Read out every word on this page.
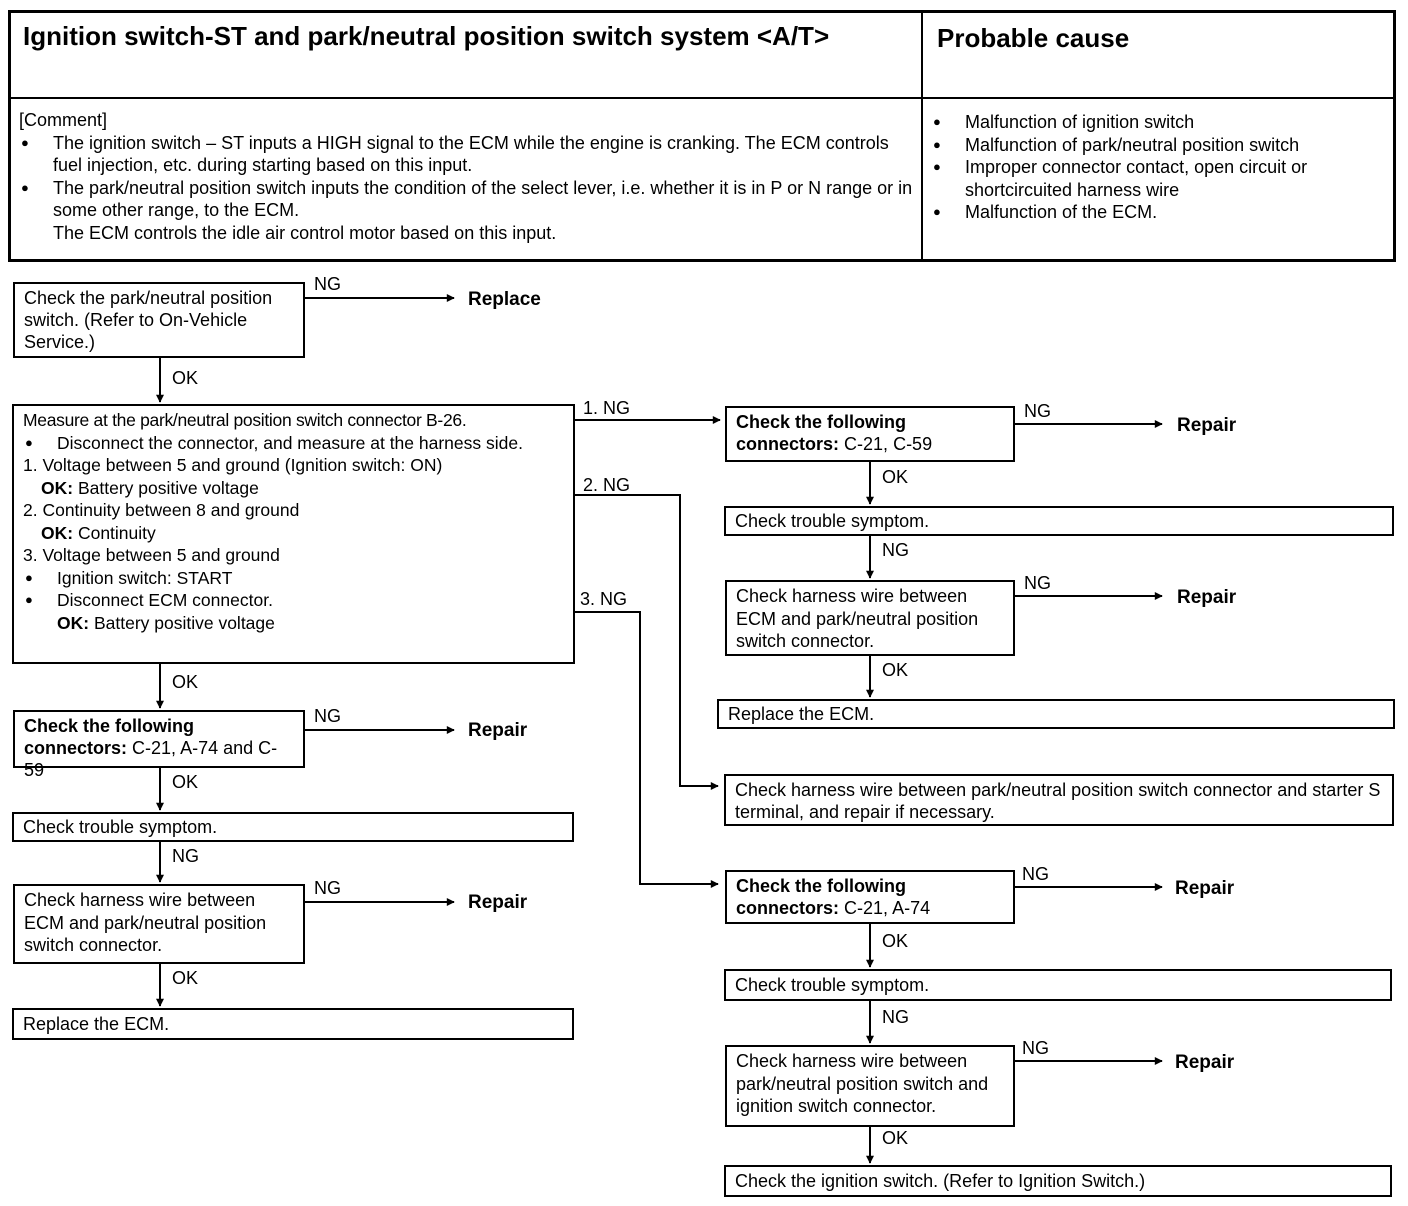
Ignition switch-ST and park/neutral position switch system <A/T>	Probable cause
[Comment]
● The ignition switch – ST inputs a HIGH signal to the ECM while the engine is cranking. The ECM controls fuel injection, etc. during starting based on this input.
● The park/neutral position switch inputs the condition of the select lever, i.e. whether it is in P or N range or in some other range, to the ECM.
The ECM controls the idle air control motor based on this input.
● Malfunction of ignition switch
● Malfunction of park/neutral position switch
● Improper connector contact, open circuit or shortcircuited harness wire
● Malfunction of the ECM.
Check the park/neutral position switch. (Refer to On-Vehicle Service.)
NG
Replace
OK
Measure at the park/neutral position switch connector B-26.
● Disconnect the connector, and measure at the harness side.
1. Voltage between 5 and ground (Ignition switch: ON)
OK: Battery positive voltage
2. Continuity between 8 and ground
OK: Continuity
3. Voltage between 5 and ground
● Ignition switch: START
● Disconnect ECM connector.
OK: Battery positive voltage
OK
Check the following connectors: C-21, A-74 and C-59
NG
Repair
OK
Check trouble symptom.
NG
Check harness wire between ECM and park/neutral position switch connector.
NG
Repair
OK
Replace the ECM.
1. NG
2. NG
3. NG
Check the following connectors: C-21, C-59
NG
Repair
OK
Check trouble symptom.
NG
Check harness wire between ECM and park/neutral position switch connector.
NG
Repair
OK
Replace the ECM.
Check harness wire between park/neutral position switch connector and starter S terminal, and repair if necessary.
Check the following connectors: C-21, A-74
NG
Repair
OK
Check trouble symptom.
NG
Check harness wire between park/neutral position switch and ignition switch connector.
NG
Repair
OK
Check the ignition switch. (Refer to Ignition Switch.)
